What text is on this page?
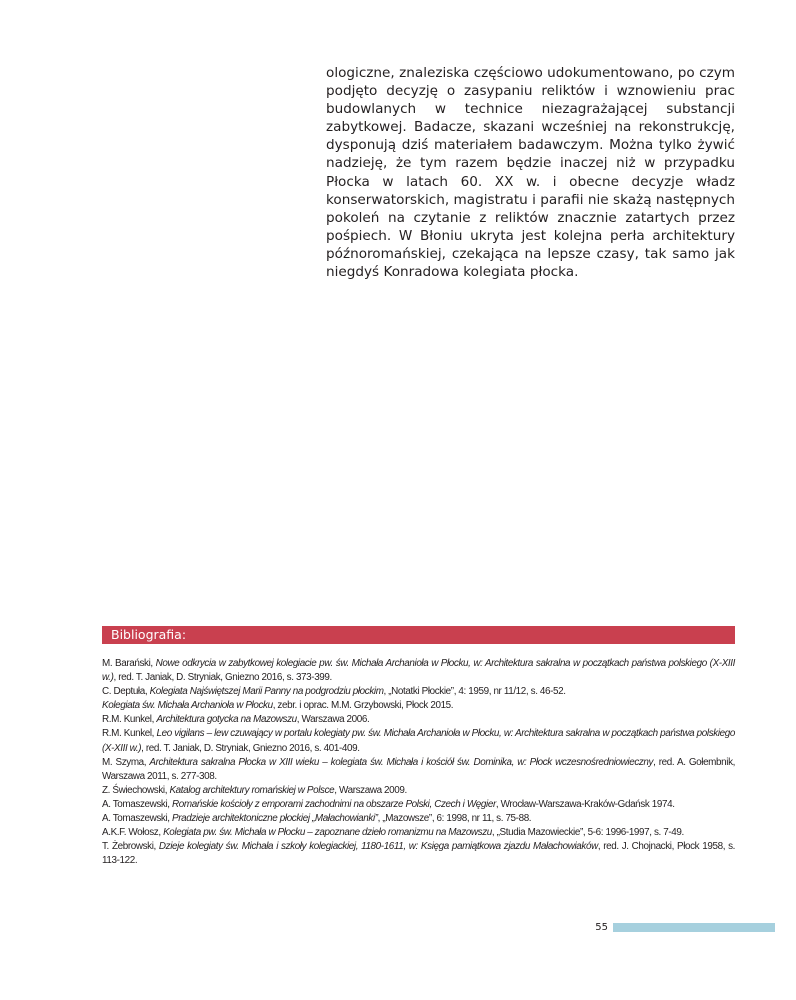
ologiczne, znaleziska częściowo udokumentowano, po czym podjęto decyzję o zasypaniu reliktów i wznowieniu prac budowlanych w technice niezagrażającej substancji zabytkowej. Badacze, skazani wcześniej na rekonstrukcję, dysponują dziś materiałem badawczym. Można tylko żywić nadzieję, że tym razem będzie inaczej niż w przypadku Płocka w latach 60. XX w. i obecne decyzje władz konserwatorskich, magistratu i parafii nie skażą następnych pokoleń na czytanie z reliktów znacznie zatartych przez pośpiech. W Błoniu ukryta jest kolejna perła architektury późnoromańskiej, czekająca na lepsze czasy, tak samo jak niegdyś Konradowa kolegiata płocka.

Bibliografia:

M. Barański, Nowe odkrycia w zabytkowej kolegiacie pw. św. Michała Archanioła w Płocku, w: Architektura sakralna w początkach państwa polskiego (X-XIII w.), red. T. Janiak, D. Stryniak, Gniezno 2016, s. 373-399.

C. Deptuła, Kolegiata Najświętszej Marii Panny na podgrodziu płockim, „Notatki Płockie”, 4: 1959, nr 11/12, s. 46-52.

Kolegiata św. Michała Archanioła w Płocku, zebr. i oprac. M.M. Grzybowski, Płock 2015.

R.M. Kunkel, Architektura gotycka na Mazowszu, Warszawa 2006.

R.M. Kunkel, Leo vigilans – lew czuwający w portalu kolegiaty pw. św. Michała Archanioła w Płocku, w: Architektura sakralna w początkach państwa polskiego (X-XIII w.), red. T. Janiak, D. Stryniak, Gniezno 2016, s. 401-409.

M. Szyma, Architektura sakralna Płocka w XIII wieku – kolegiata św. Michała i kościół św. Dominika, w: Płock wczesnośredniowieczny, red. A. Gołembnik, Warszawa 2011, s. 277-308.

Z. Świechowski, Katalog architektury romańskiej w Polsce, Warszawa 2009.

A. Tomaszewski, Romańskie kościoły z emporami zachodnimi na obszarze Polski, Czech i Węgier, Wrocław-Warszawa-Kraków-Gdańsk 1974.

A. Tomaszewski, Pradzieje architektoniczne płockiej „Małachowianki”, „Mazowsze”, 6: 1998, nr 11, s. 75-88.

A.K.F. Wołosz, Kolegiata pw. św. Michała w Płocku – zapoznane dzieło romanizmu na Mazowszu, „Studia Mazowieckie”, 5-6: 1996-1997, s. 7-49.

T. Żebrowski, Dzieje kolegiaty św. Michała i szkoły kolegiackiej, 1180-1611, w: Księga pamiątkowa zjazdu Małachowiaków, red. J. Chojnacki, Płock 1958, s. 113-122.

55
